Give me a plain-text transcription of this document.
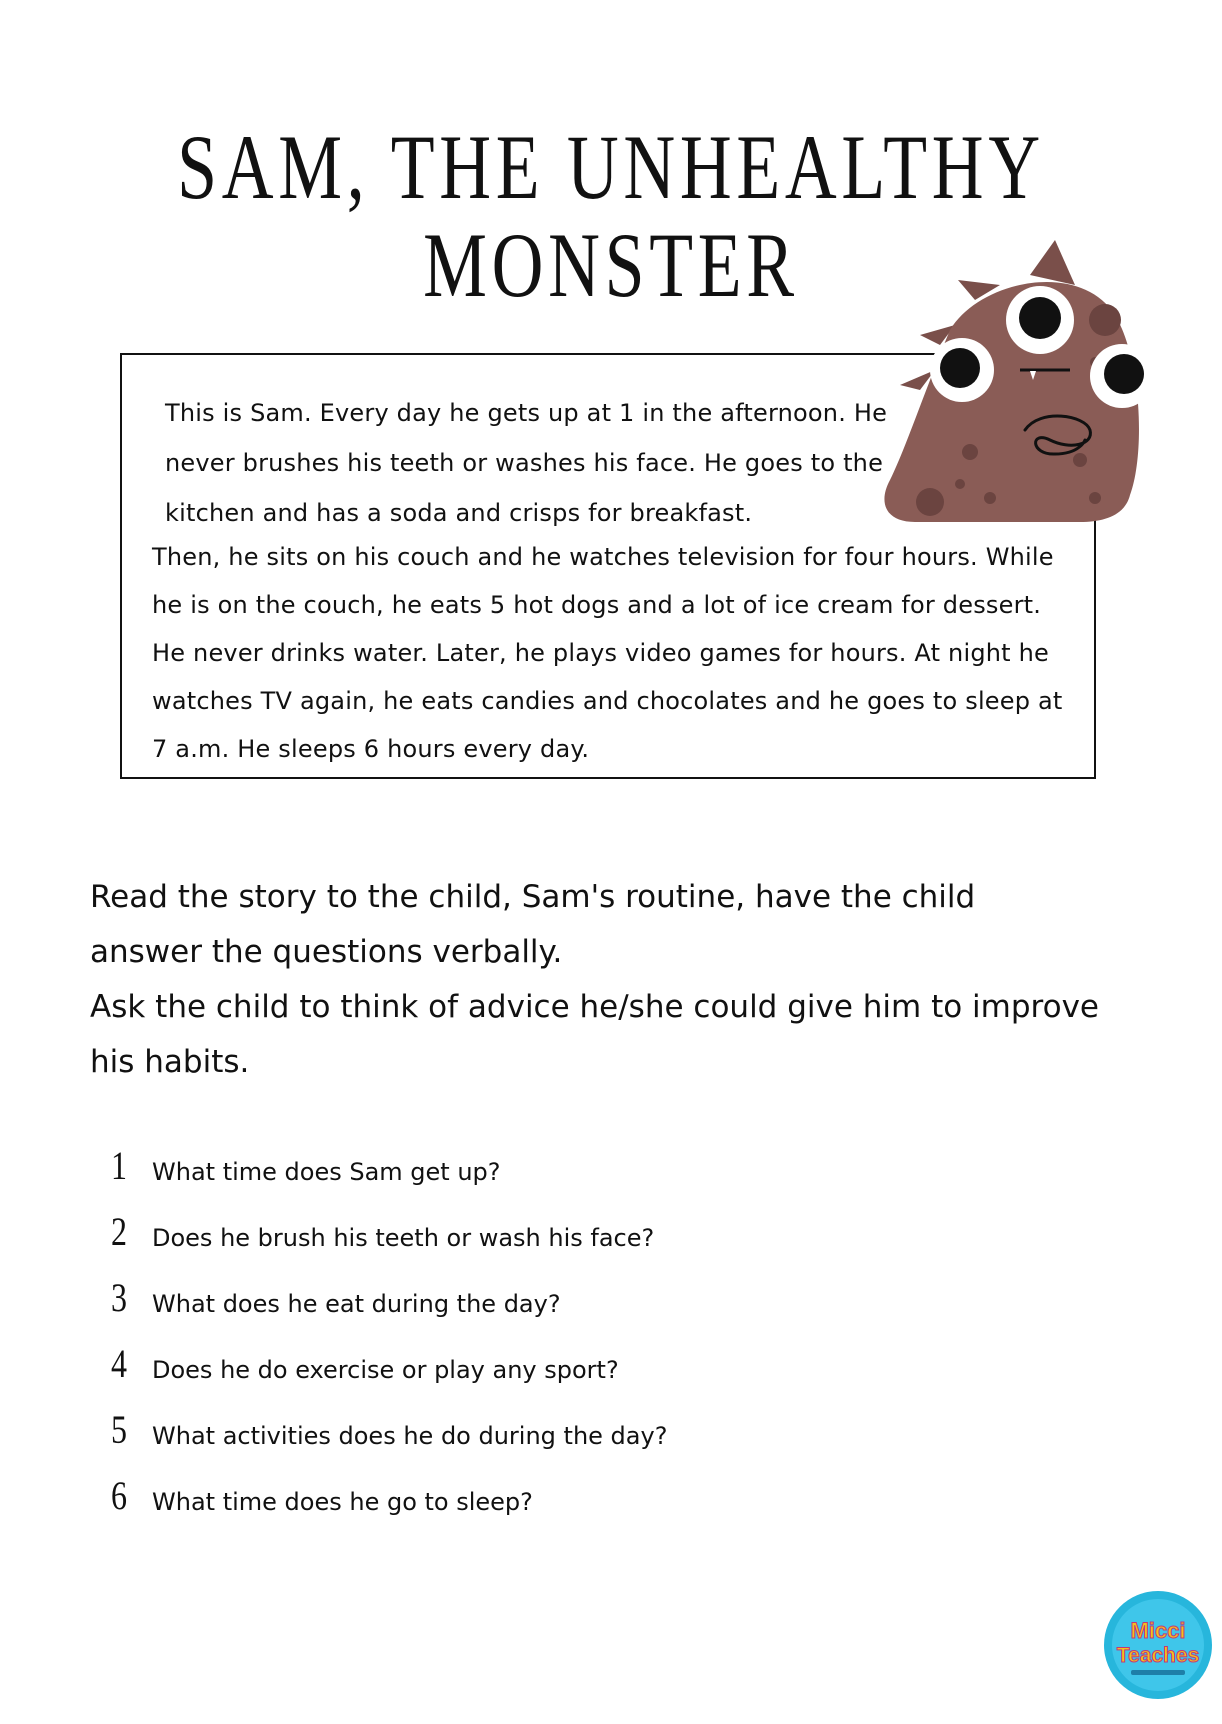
SAM, THE UNHEALTHY
MONSTER
This is Sam. Every day he gets up at 1 in the afternoon. He
never brushes his teeth or washes his face. He goes to the
kitchen and has a soda and crisps for breakfast.
Then, he sits on his couch and he watches television for four hours. While
he is on the couch, he eats 5 hot dogs and a lot of ice cream for dessert.
He never drinks water. Later, he plays video games for hours. At night he
watches TV again, he eats candies and chocolates and he goes to sleep at
7 a.m. He sleeps 6 hours every day.
Read the story to the child, Sam's routine, have the child
answer the questions verbally.
Ask the child to think of advice he/she could give him to improve
his habits.
1	What time does Sam get up?
2	Does he brush his teeth or wash his face?
3	What does he eat during the day?
4	Does he do exercise or play any sport?
5	What activities does he do during the day?
6	What time does he go to sleep?
Micci
Teaches
